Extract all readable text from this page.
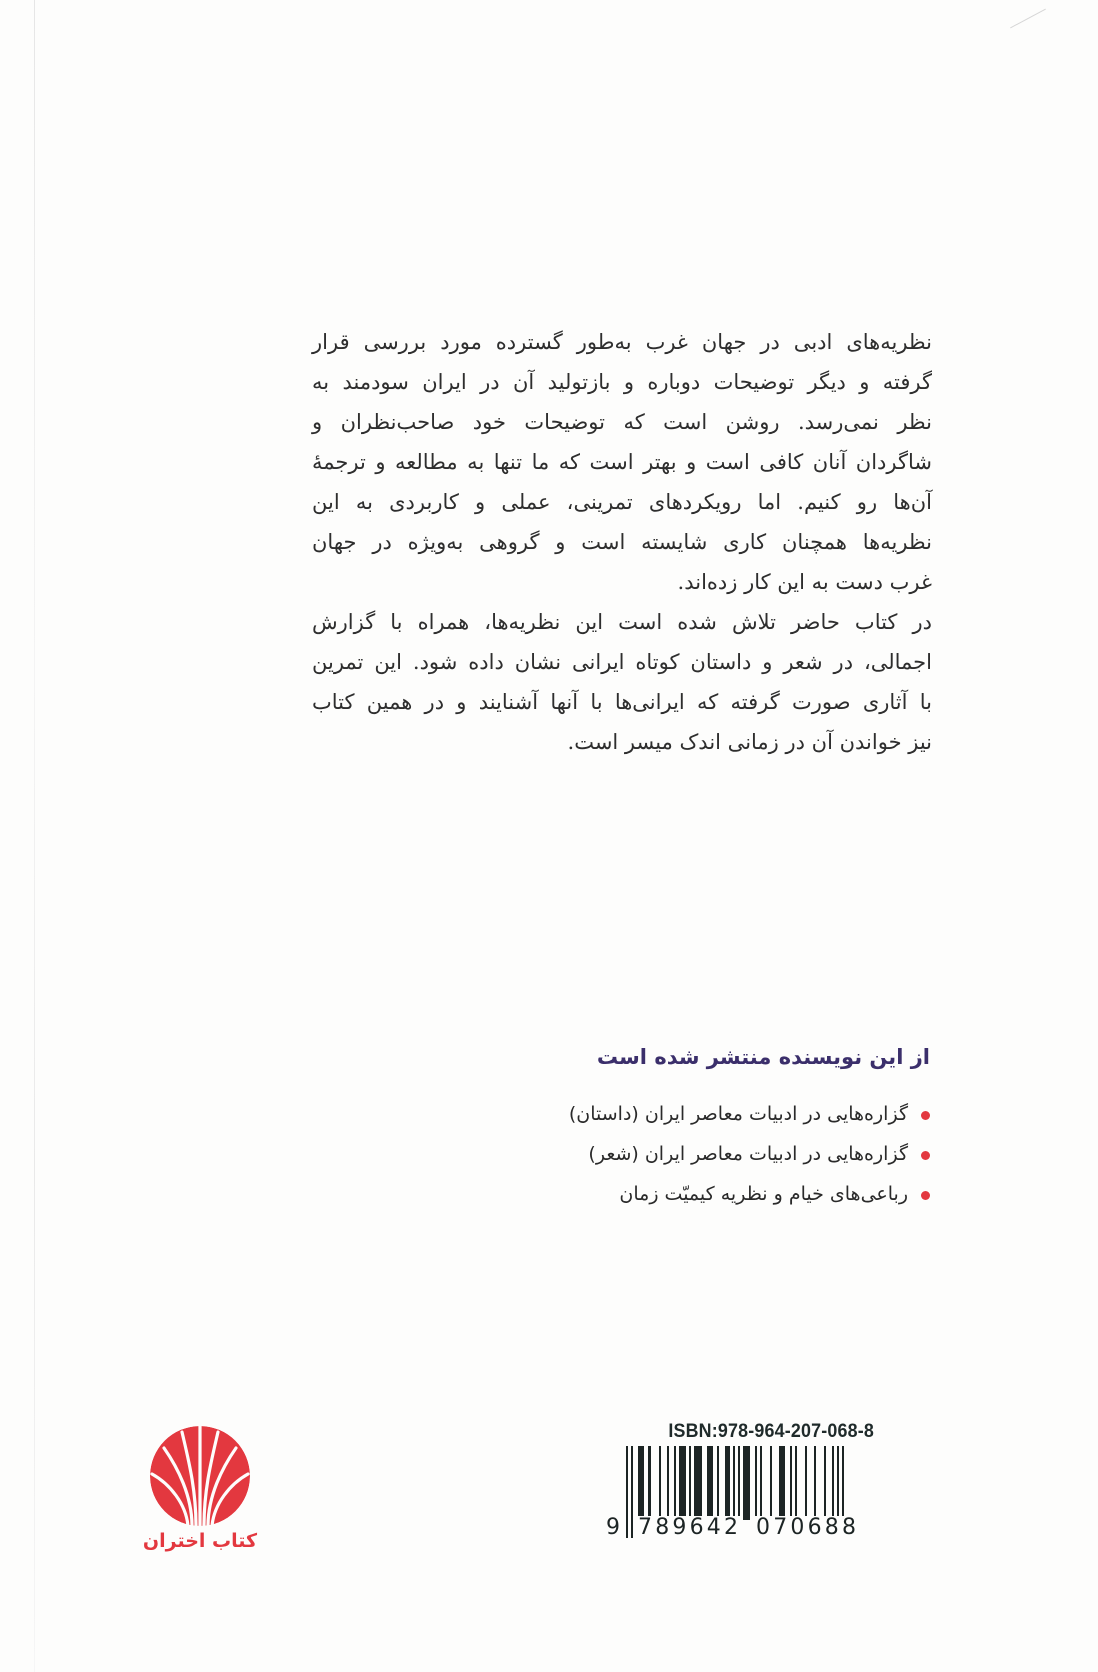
نظریه‌های ادبی در جهان غرب به‌طور گسترده مورد بررسی قرار
گرفته و دیگر توضیحات دوباره و بازتولید آن در ایران سودمند به
نظر نمی‌رسد. روشن است که توضیحات خود صاحب‌نظران و
شاگردان آنان کافی است و بهتر است که ما تنها به مطالعه و ترجمهٔ
آن‌ها رو کنیم. اما رویکردهای تمرینی، عملی و کاربردی به این
نظریه‌ها همچنان کاری شایسته است و گروهی به‌ویژه در جهان
غرب دست به این کار زده‌اند.

در کتاب حاضر تلاش شده است این نظریه‌ها، همراه با گزارش
اجمالی، در شعر و داستان کوتاه ایرانی نشان داده شود. این تمرین
با آثاری صورت گرفته که ایرانی‌ها با آنها آشنایند و در همین کتاب
نیز خواندن آن در زمانی اندک میسر است.

از این نویسنده منتشر شده است
گزاره‌هایی در ادبیات معاصر ایران (داستان)
گزاره‌هایی در ادبیات معاصر ایران (شعر)
رباعی‌های خیام و نظریه کیمیّت زمان
کتاب اختران
ISBN:978-964-207-068-8
9 789642 070688
